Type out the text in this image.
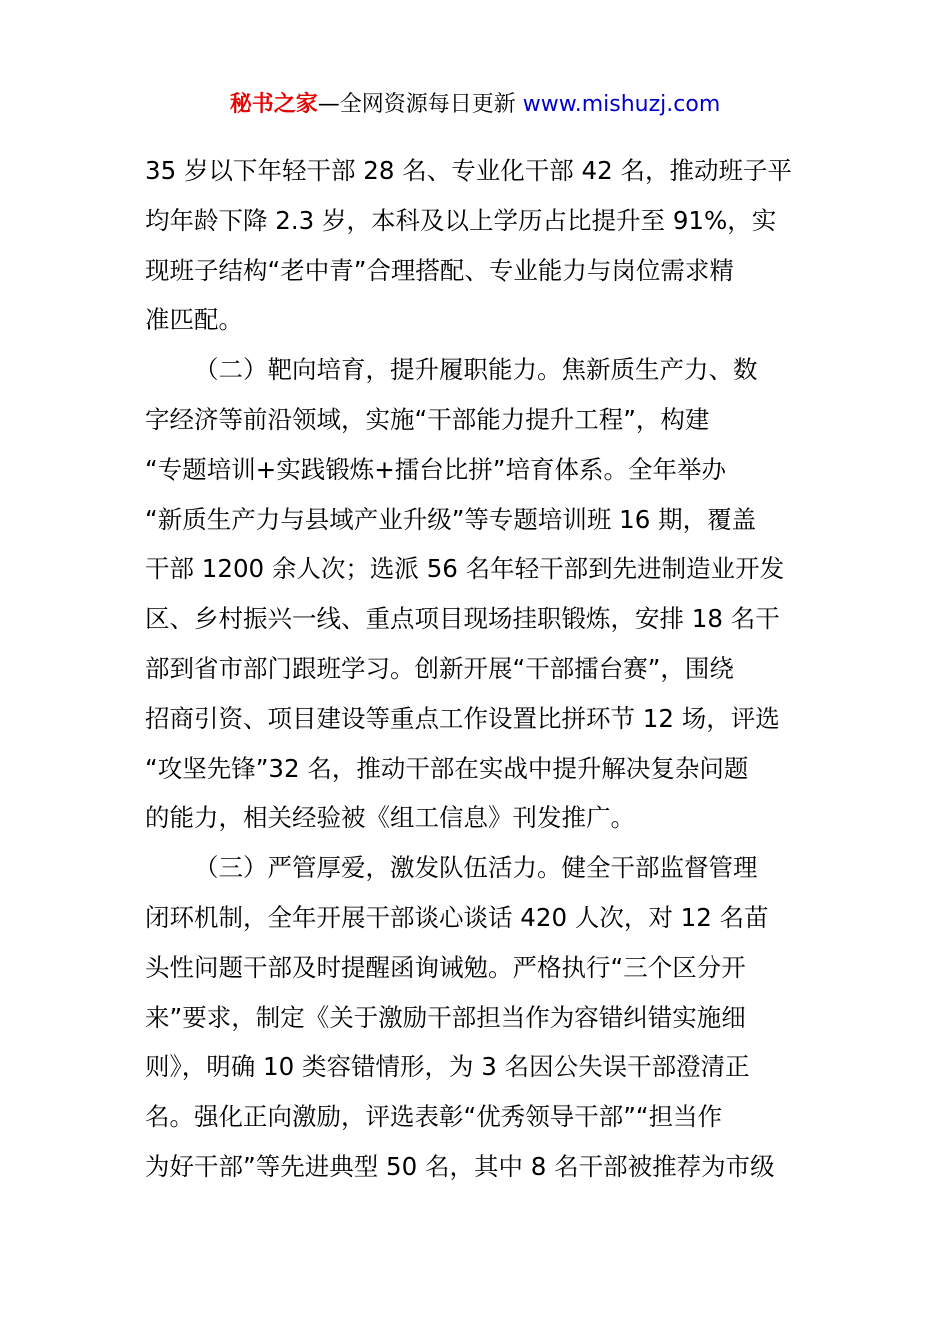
秘书之家—全网资源每日更新 www.mishuzj.com
35 岁以下年轻干部 28 名、专业化干部 42 名，推动班子平
均年龄下降 2.3 岁，本科及以上学历占比提升至 91%，实
现班子结构“老中青”合理搭配、专业能力与岗位需求精
准匹配。
（二）靶向培育，提升履职能力。焦新质生产力、数
字经济等前沿领域，实施“干部能力提升工程”，构建
“专题培训+实践锻炼+擂台比拼”培育体系。全年举办
“新质生产力与县域产业升级”等专题培训班 16 期，覆盖
干部 1200 余人次；选派 56 名年轻干部到先进制造业开发
区、乡村振兴一线、重点项目现场挂职锻炼，安排 18 名干
部到省市部门跟班学习。创新开展“干部擂台赛”，围绕
招商引资、项目建设等重点工作设置比拼环节 12 场，评选
“攻坚先锋”32 名，推动干部在实战中提升解决复杂问题
的能力，相关经验被《组工信息》刊发推广。
（三）严管厚爱，激发队伍活力。健全干部监督管理
闭环机制，全年开展干部谈心谈话 420 人次，对 12 名苗
头性问题干部及时提醒函询诫勉。严格执行“三个区分开
来”要求，制定《关于激励干部担当作为容错纠错实施细
则》，明确 10 类容错情形，为 3 名因公失误干部澄清正
名。强化正向激励，评选表彰“优秀领导干部”“担当作
为好干部”等先进典型 50 名，其中 8 名干部被推荐为市级
